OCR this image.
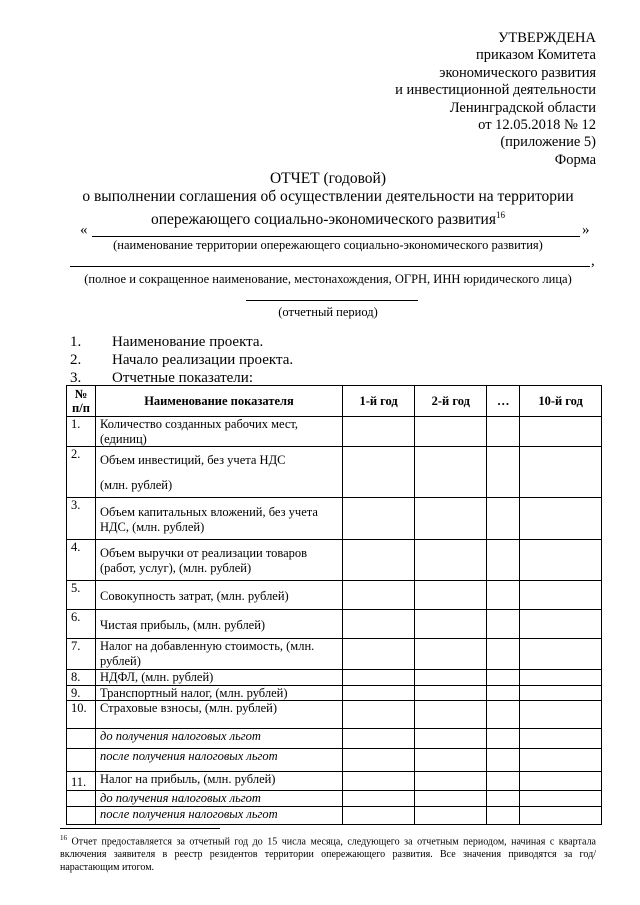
УТВЕРЖДЕНА
приказом Комитета
экономического развития
и инвестиционной деятельности
Ленинградской области
от 12.05.2018 № 12
(приложение 5)
Форма
ОТЧЕТ (годовой)
о выполнении соглашения об осуществлении деятельности на территории
опережающего социально-экономического развития$^{16}$
«	»
(наименование территории опережающего социально-экономического развития)
,
(полное и сокращенное наименование, местонахождения, ОГРН, ИНН юридического лица)
(отчетный период)
1.	Наименование проекта.
2.	Начало реализации проекта.
3.	Отчетные показатели:
№ п/п	Наименование показателя	1-й год	2-й год	…	10-й год
1.	Количество созданных рабочих мест, (единиц)				
2.	Объем инвестиций, без учета НДС
(млн. рублей)				

3.	Объем капитальных вложений, без учета НДС, (млн. рублей)				

4.	Объем выручки от реализации товаров (работ, услуг), (млн. рублей)				

5.	Совокупность затрат, (млн. рублей)				

6.	Чистая прибыль, (млн. рублей)				

7.	Налог на добавленную стоимость, (млн. рублей)				
8.	НДФЛ, (млн. рублей)				
9.	Транспортный налог, (млн. рублей)				
10.	Страховые взносы, (млн. рублей)				
	до получения налоговых льгот				
	после получения налоговых льгот				

11.	Налог на прибыль, (млн. рублей)				
	до получения налоговых льгот				
	после получения налоговых льгот				
$^{16}$ Отчет предоставляется за отчетный год до 15 числа месяца, следующего за отчетным периодом, начиная с квартала включения заявителя в реестр резидентов территории опережающего развития. Все значения приводятся за год/ нарастающим итогом.
